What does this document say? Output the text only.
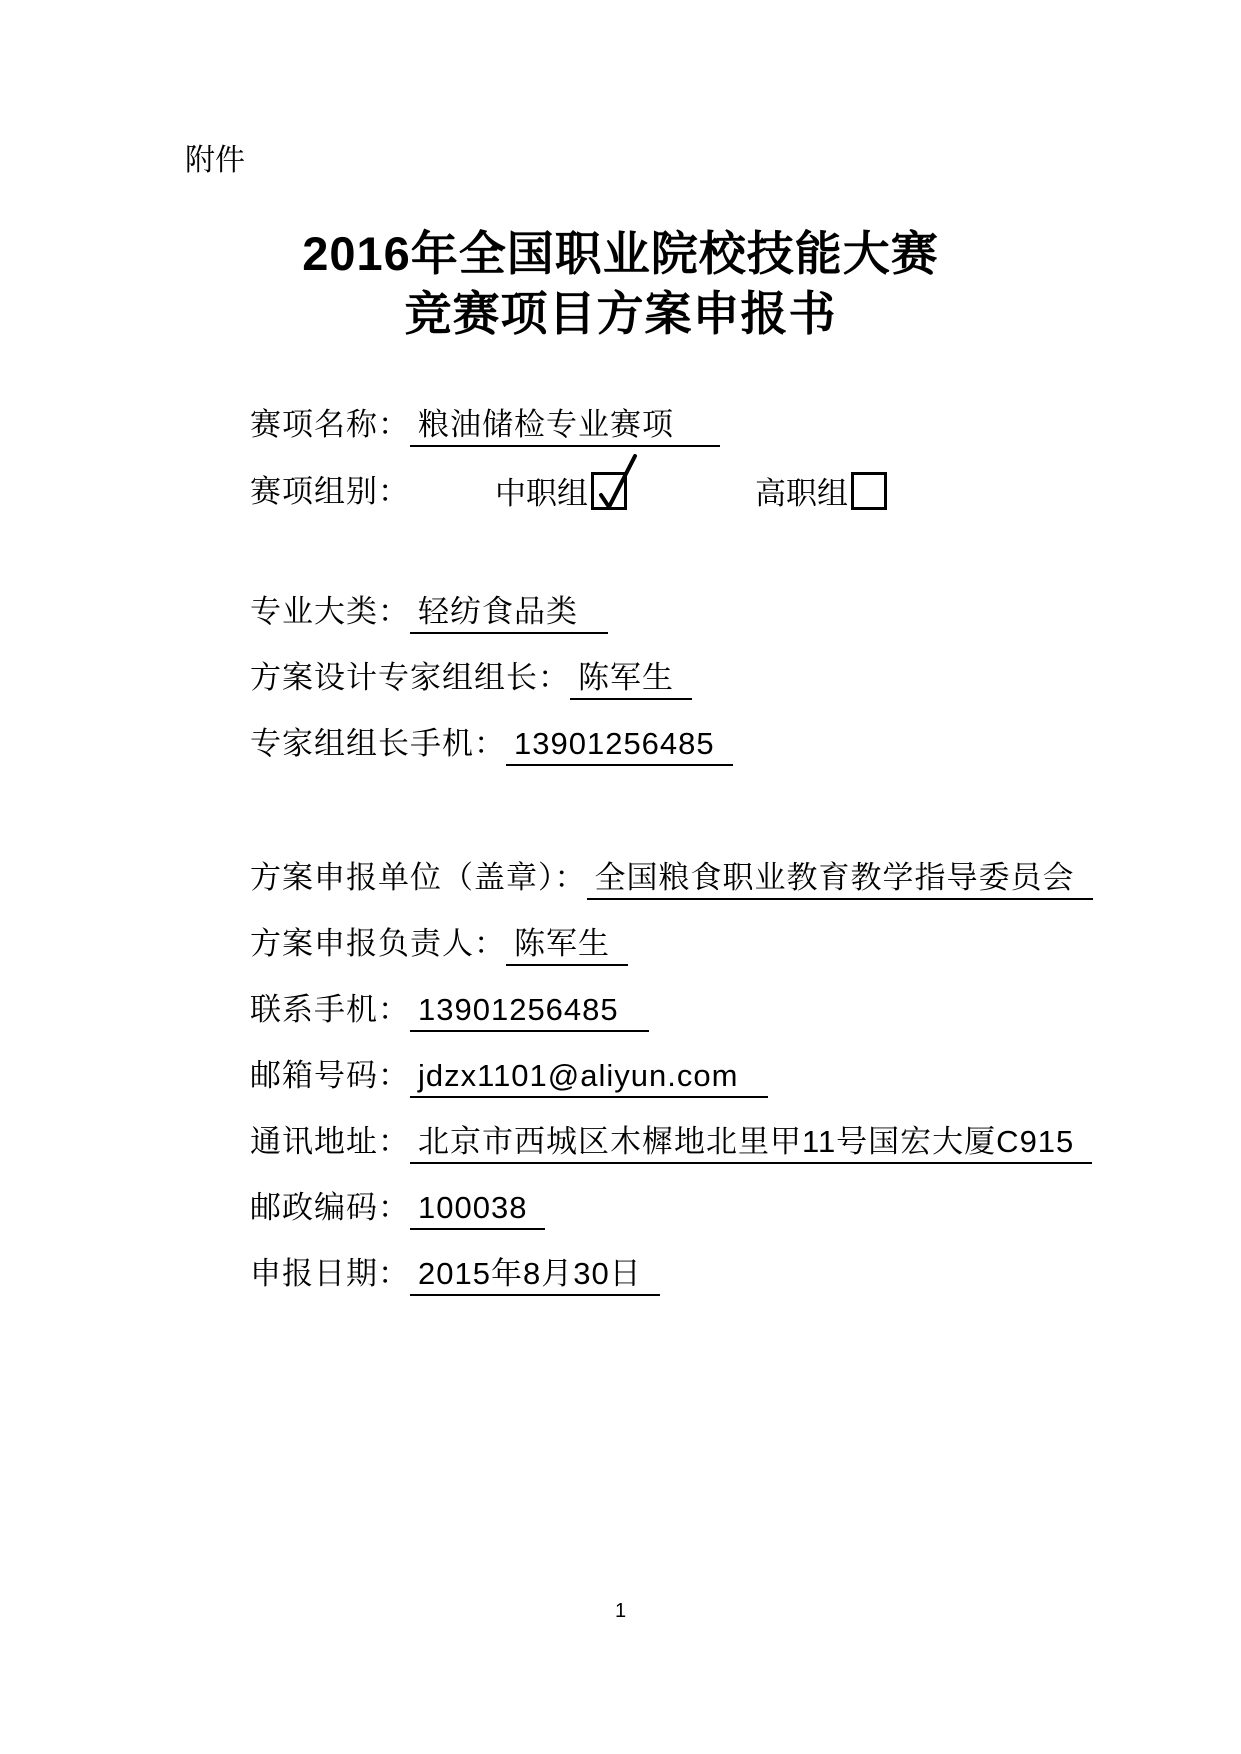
附件
2016年全国职业院校技能大赛
竞赛项目方案申报书
赛项名称： 粮油储检专业赛项
赛项组别：	中职组	高职组
专业大类： 轻纺食品类
方案设计专家组组长： 陈军生
专家组组长手机： 13901256485
方案申报单位（盖章）： 全国粮食职业教育教学指导委员会
方案申报负责人： 陈军生
联系手机： 13901256485
邮箱号码： jdzx1101@aliyun.com
通讯地址： 北京市西城区木樨地北里甲11号国宏大厦C915
邮政编码： 100038
申报日期： 2015年8月30日
1
